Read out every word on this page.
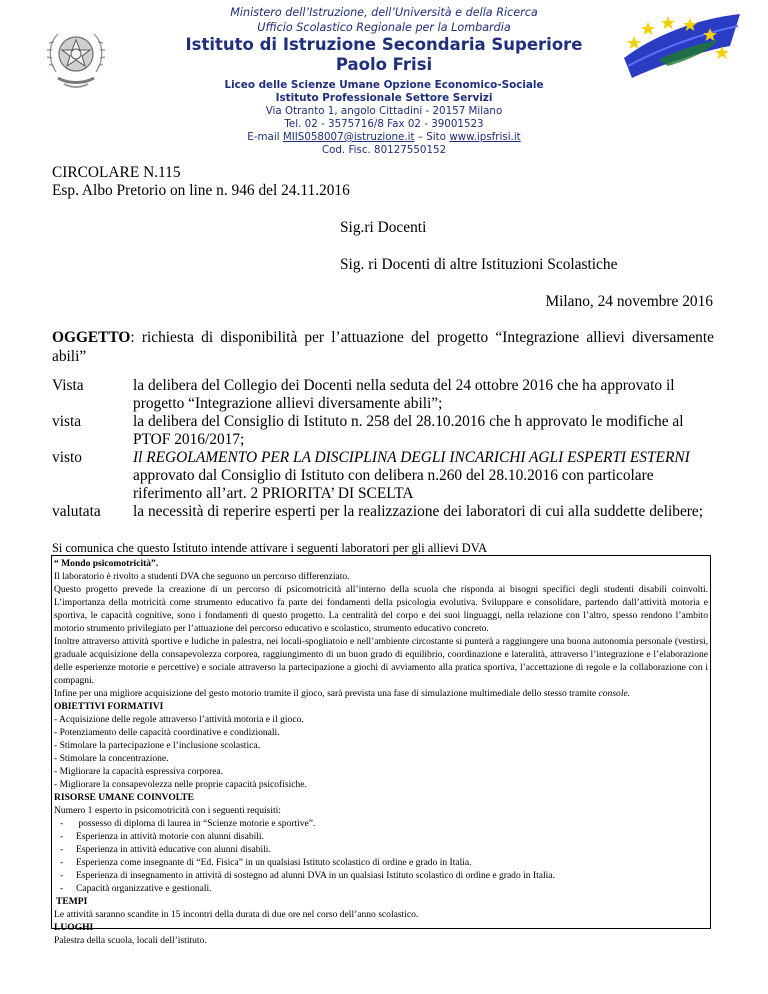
Ministero dell’Istruzione, dell’Università e della Ricerca
Ufficio Scolastico Regionale per la Lombardia
Istituto di Istruzione Secondaria Superiore
Paolo Frisi
Liceo delle Scienze Umane Opzione Economico-Sociale
Istituto Professionale Settore Servizi
Via Otranto 1, angolo Cittadini - 20157 Milano
Tel. 02 - 3575716/8 Fax 02 - 39001523
E-mail MIIS058007@istruzione.it – Sito www.ipsfrisi.it
Cod. Fisc. 80127550152
CIRCOLARE N.115
Esp. Albo Pretorio on line n. 946 del 24.11.2016
Sig.ri Docenti
Sig. ri Docenti di altre Istituzioni Scolastiche
Milano, 24 novembre 2016
OGGETTO: richiesta di disponibilità per l’attuazione del progetto “Integrazione allievi diversamente abili”
Vista	la delibera del Collegio dei Docenti nella seduta del 24 ottobre 2016 che ha approvato il progetto “Integrazione allievi diversamente abili”;
vista	la delibera del Consiglio di Istituto n. 258 del 28.10.2016 che h approvato le modifiche al PTOF 2016/2017;
visto	Il REGOLAMENTO PER LA DISCIPLINA DEGLI INCARICHI AGLI ESPERTI ESTERNI approvato dal Consiglio di Istituto con delibera n.260 del 28.10.2016 con particolare riferimento all’art. 2 PRIORITA’ DI SCELTA
valutata la necessità di reperire esperti per la realizzazione dei laboratori di cui alla suddette delibere;
Si comunica che questo Istituto intende attivare i seguenti laboratori per gli allievi DVA
“ Mondo psicomotricità”.
Il laboratorio è rivolto a studenti DVA che seguono un percorso differenziato.
Questo progetto prevede la creazione di un percorso di psicomotricità all’interno della scuola che risponda ai bisogni specifici degli studenti disabili coinvolti. L’importanza della motricità come strumento educativo fa parte dei fondamenti della psicologia evolutiva. Sviluppare e consolidare, partendo dall’attività motoria e sportiva, le capacità cognitive, sono i fondamenti di questo progetto. La centralità del corpo e dei suoi linguaggi, nella relazione con l’altro, spesso rendono l’ambito motorio strumento privilegiato per l’attuazione del percorso educativo e scolastico, strumento educativo concreto.
Inoltre attraverso attività sportive e ludiche in palestra, nei locali-spogliatoio e nell’ambiente circostante si punterà a raggiungere una buona autonomia personale (vestirsi, graduale acquisizione della consapevolezza corporea, raggiungimento di un buon grado di equilibrio, coordinazione e lateralità, attraverso l’integrazione e l’elaborazione delle esperienze motorie e percettive) e sociale attraverso la partecipazione a giochi di avviamento alla pratica sportiva, l’accettazione di regole e la collaborazione con i compagni.
Infine per una migliore acquisizione del gesto motorio tramite il gioco, sarà prevista una fase di simulazione multimediale dello stesso tramite console.
OBIETTIVI FORMATIVI
- Acquisizione delle regole attraverso l’attività motoria e il gioco.
- Potenziamento delle capacità coordinative e condizionali.
- Stimolare la partecipazione e l’inclusione scolastica.
- Stimolare la concentrazione.
- Migliorare la capacità espressiva corporea.
- Migliorare la consapevolezza nelle proprie capacità psicofisiche.
RISORSE UMANE COINVOLTE
Numero 1 esperto in psicomotricità con i seguenti requisiti:
- possesso di diploma di laurea in “Scienze motorie e sportive”.
- Esperienza in attività motorie con alunni disabili.
- Esperienza in attività educative con alunni disabili.
- Esperienza come insegnante di “Ed. Fisica” in un qualsiasi Istituto scolastico di ordine e grado in Italia.
- Esperienza di insegnamento in attività di sostegno ad alunni DVA in un qualsiasi Istituto scolastico di ordine e grado in Italia.
- Capacità organizzative e gestionali.
TEMPI
Le attività saranno scandite in 15 incontri della durata di due ore nel corso dell’anno scolastico.
LUOGHI
Palestra della scuola, locali dell’istituto.
